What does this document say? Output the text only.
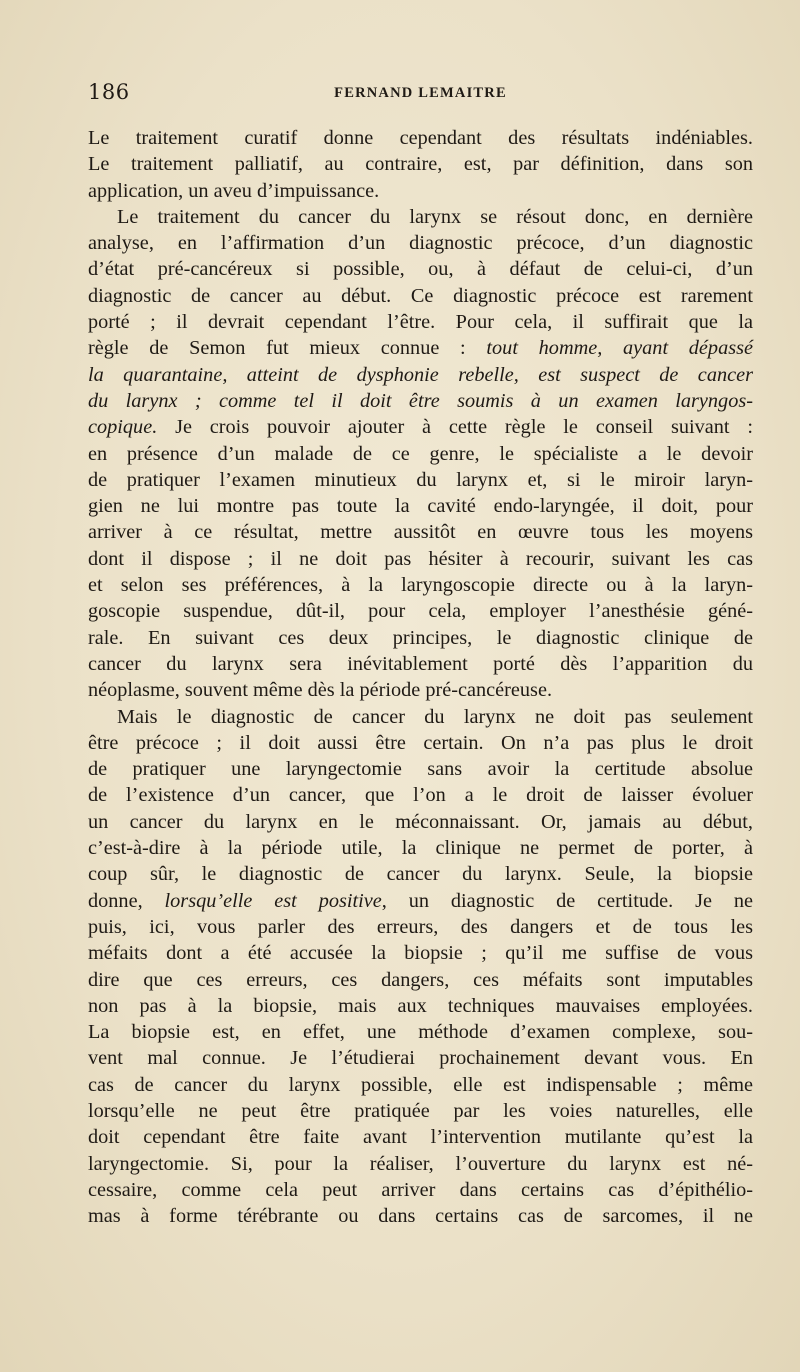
186	FERNAND LEMAITRE
Le traitement curatif donne cependant des résultats indéniables.
Le traitement palliatif, au contraire, est, par définition, dans son
application, un aveu d’impuissance.
Le traitement du cancer du larynx se résout donc, en dernière
analyse, en l’affirmation d’un diagnostic précoce, d’un diagnostic
d’état pré-cancéreux si possible, ou, à défaut de celui-ci, d’un
diagnostic de cancer au début. Ce diagnostic précoce est rarement
porté ; il devrait cependant l’être. Pour cela, il suffirait que la
règle de Semon fut mieux connue : tout homme, ayant dépassé
la quarantaine, atteint de dysphonie rebelle, est suspect de cancer
du larynx ; comme tel il doit être soumis à un examen laryngos-
copique. Je crois pouvoir ajouter à cette règle le conseil suivant :
en présence d’un malade de ce genre, le spécialiste a le devoir
de pratiquer l’examen minutieux du larynx et, si le miroir laryn-
gien ne lui montre pas toute la cavité endo-laryngée, il doit, pour
arriver à ce résultat, mettre aussitôt en œuvre tous les moyens
dont il dispose ; il ne doit pas hésiter à recourir, suivant les cas
et selon ses préférences, à la laryngoscopie directe ou à la laryn-
goscopie suspendue, dût-il, pour cela, employer l’anesthésie géné-
rale. En suivant ces deux principes, le diagnostic clinique de
cancer du larynx sera inévitablement porté dès l’apparition du
néoplasme, souvent même dès la période pré-cancéreuse.
Mais le diagnostic de cancer du larynx ne doit pas seulement
être précoce ; il doit aussi être certain. On n’a pas plus le droit
de pratiquer une laryngectomie sans avoir la certitude absolue
de l’existence d’un cancer, que l’on a le droit de laisser évoluer
un cancer du larynx en le méconnaissant. Or, jamais au début,
c’est-à-dire à la période utile, la clinique ne permet de porter, à
coup sûr, le diagnostic de cancer du larynx. Seule, la biopsie
donne, lorsqu’elle est positive, un diagnostic de certitude. Je ne
puis, ici, vous parler des erreurs, des dangers et de tous les
méfaits dont a été accusée la biopsie ; qu’il me suffise de vous
dire que ces erreurs, ces dangers, ces méfaits sont imputables
non pas à la biopsie, mais aux techniques mauvaises employées.
La biopsie est, en effet, une méthode d’examen complexe, sou-
vent mal connue. Je l’étudierai prochainement devant vous. En
cas de cancer du larynx possible, elle est indispensable ; même
lorsqu’elle ne peut être pratiquée par les voies naturelles, elle
doit cependant être faite avant l’intervention mutilante qu’est la
laryngectomie. Si, pour la réaliser, l’ouverture du larynx est né-
cessaire, comme cela peut arriver dans certains cas d’épithélio-
mas à forme térébrante ou dans certains cas de sarcomes, il ne
